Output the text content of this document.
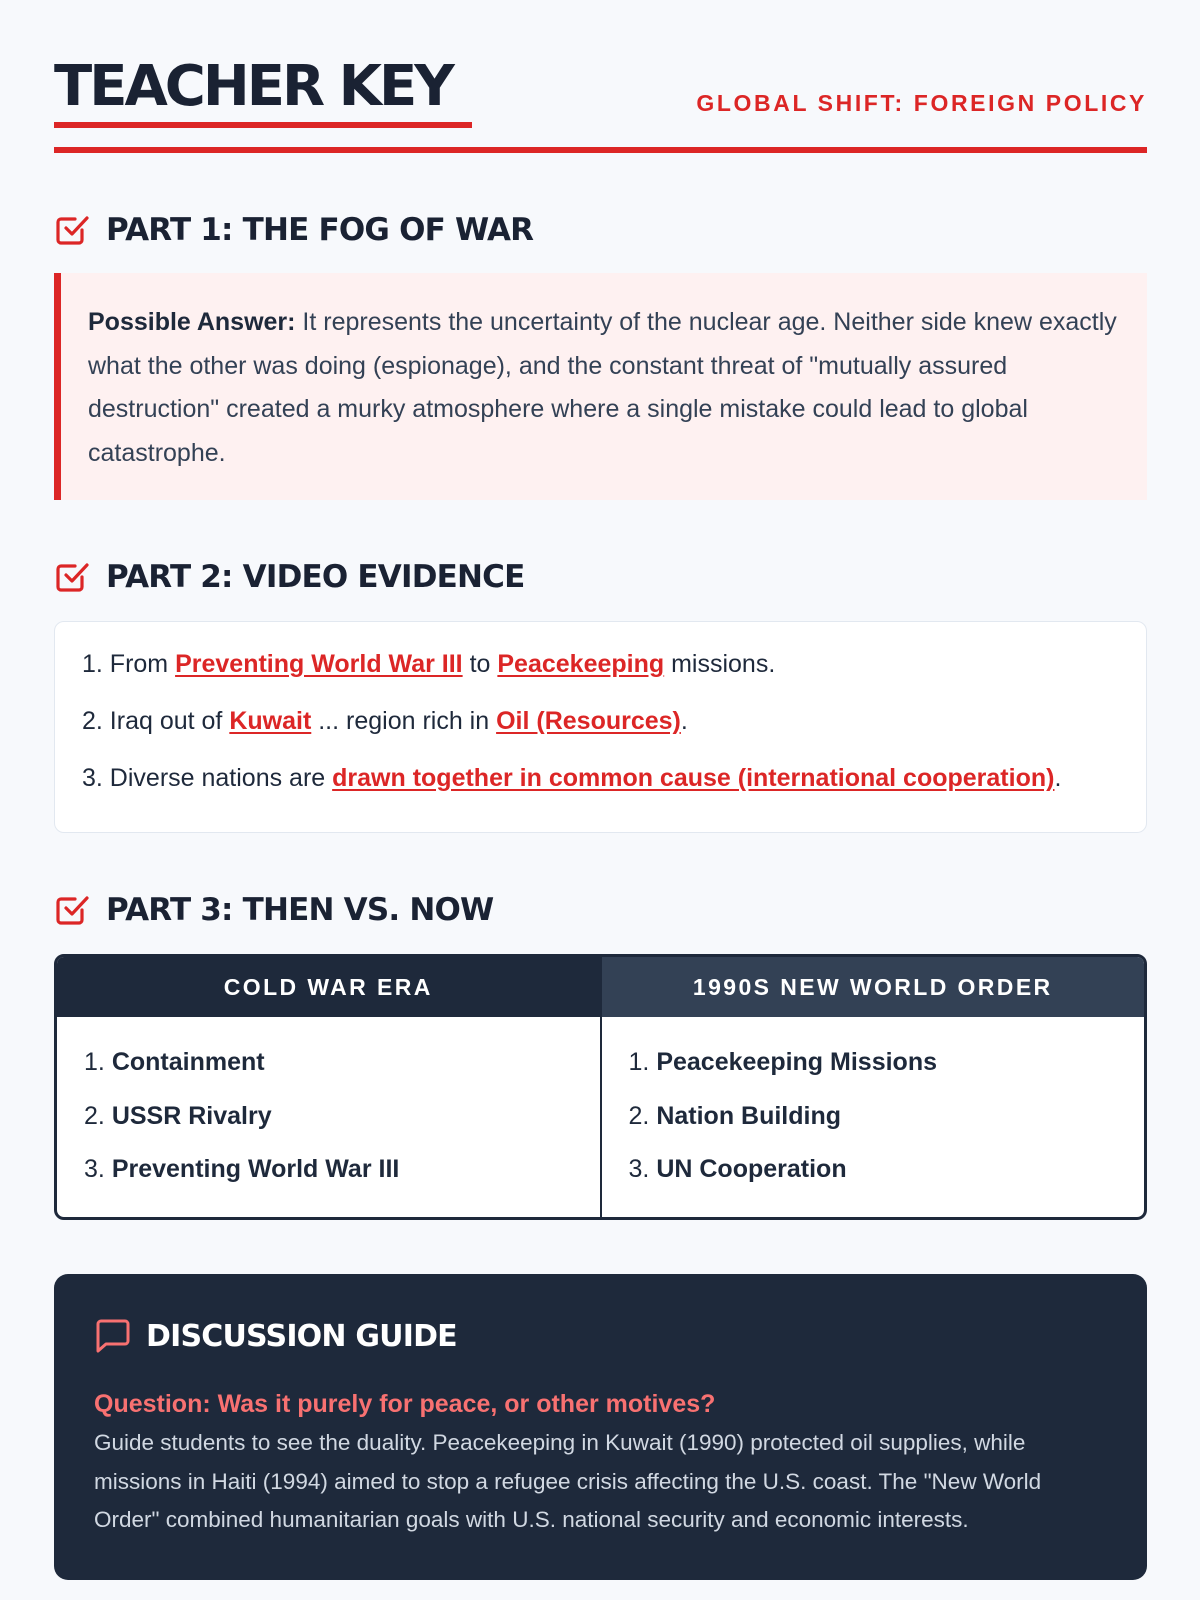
TEACHER KEY	GLOBAL SHIFT: FOREIGN POLICY
PART 1: THE FOG OF WAR
Possible Answer: It represents the uncertainty of the nuclear age. Neither side knew exactly what the other was doing (espionage), and the constant threat of "mutually assured destruction" created a murky atmosphere where a single mistake could lead to global catastrophe.
PART 2: VIDEO EVIDENCE
1. From Preventing World War III to Peacekeeping missions.
2. Iraq out of Kuwait ... region rich in Oil (Resources).
3. Diverse nations are drawn together in common cause (international cooperation).
PART 3: THEN VS. NOW
COLD WAR ERA
1. Containment
2. USSR Rivalry
3. Preventing World War III
1990S NEW WORLD ORDER
1. Peacekeeping Missions
2. Nation Building
3. UN Cooperation
DISCUSSION GUIDE
Question: Was it purely for peace, or other motives?
Guide students to see the duality. Peacekeeping in Kuwait (1990) protected oil supplies, while missions in Haiti (1994) aimed to stop a refugee crisis affecting the U.S. coast. The "New World Order" combined humanitarian goals with U.S. national security and economic interests.
